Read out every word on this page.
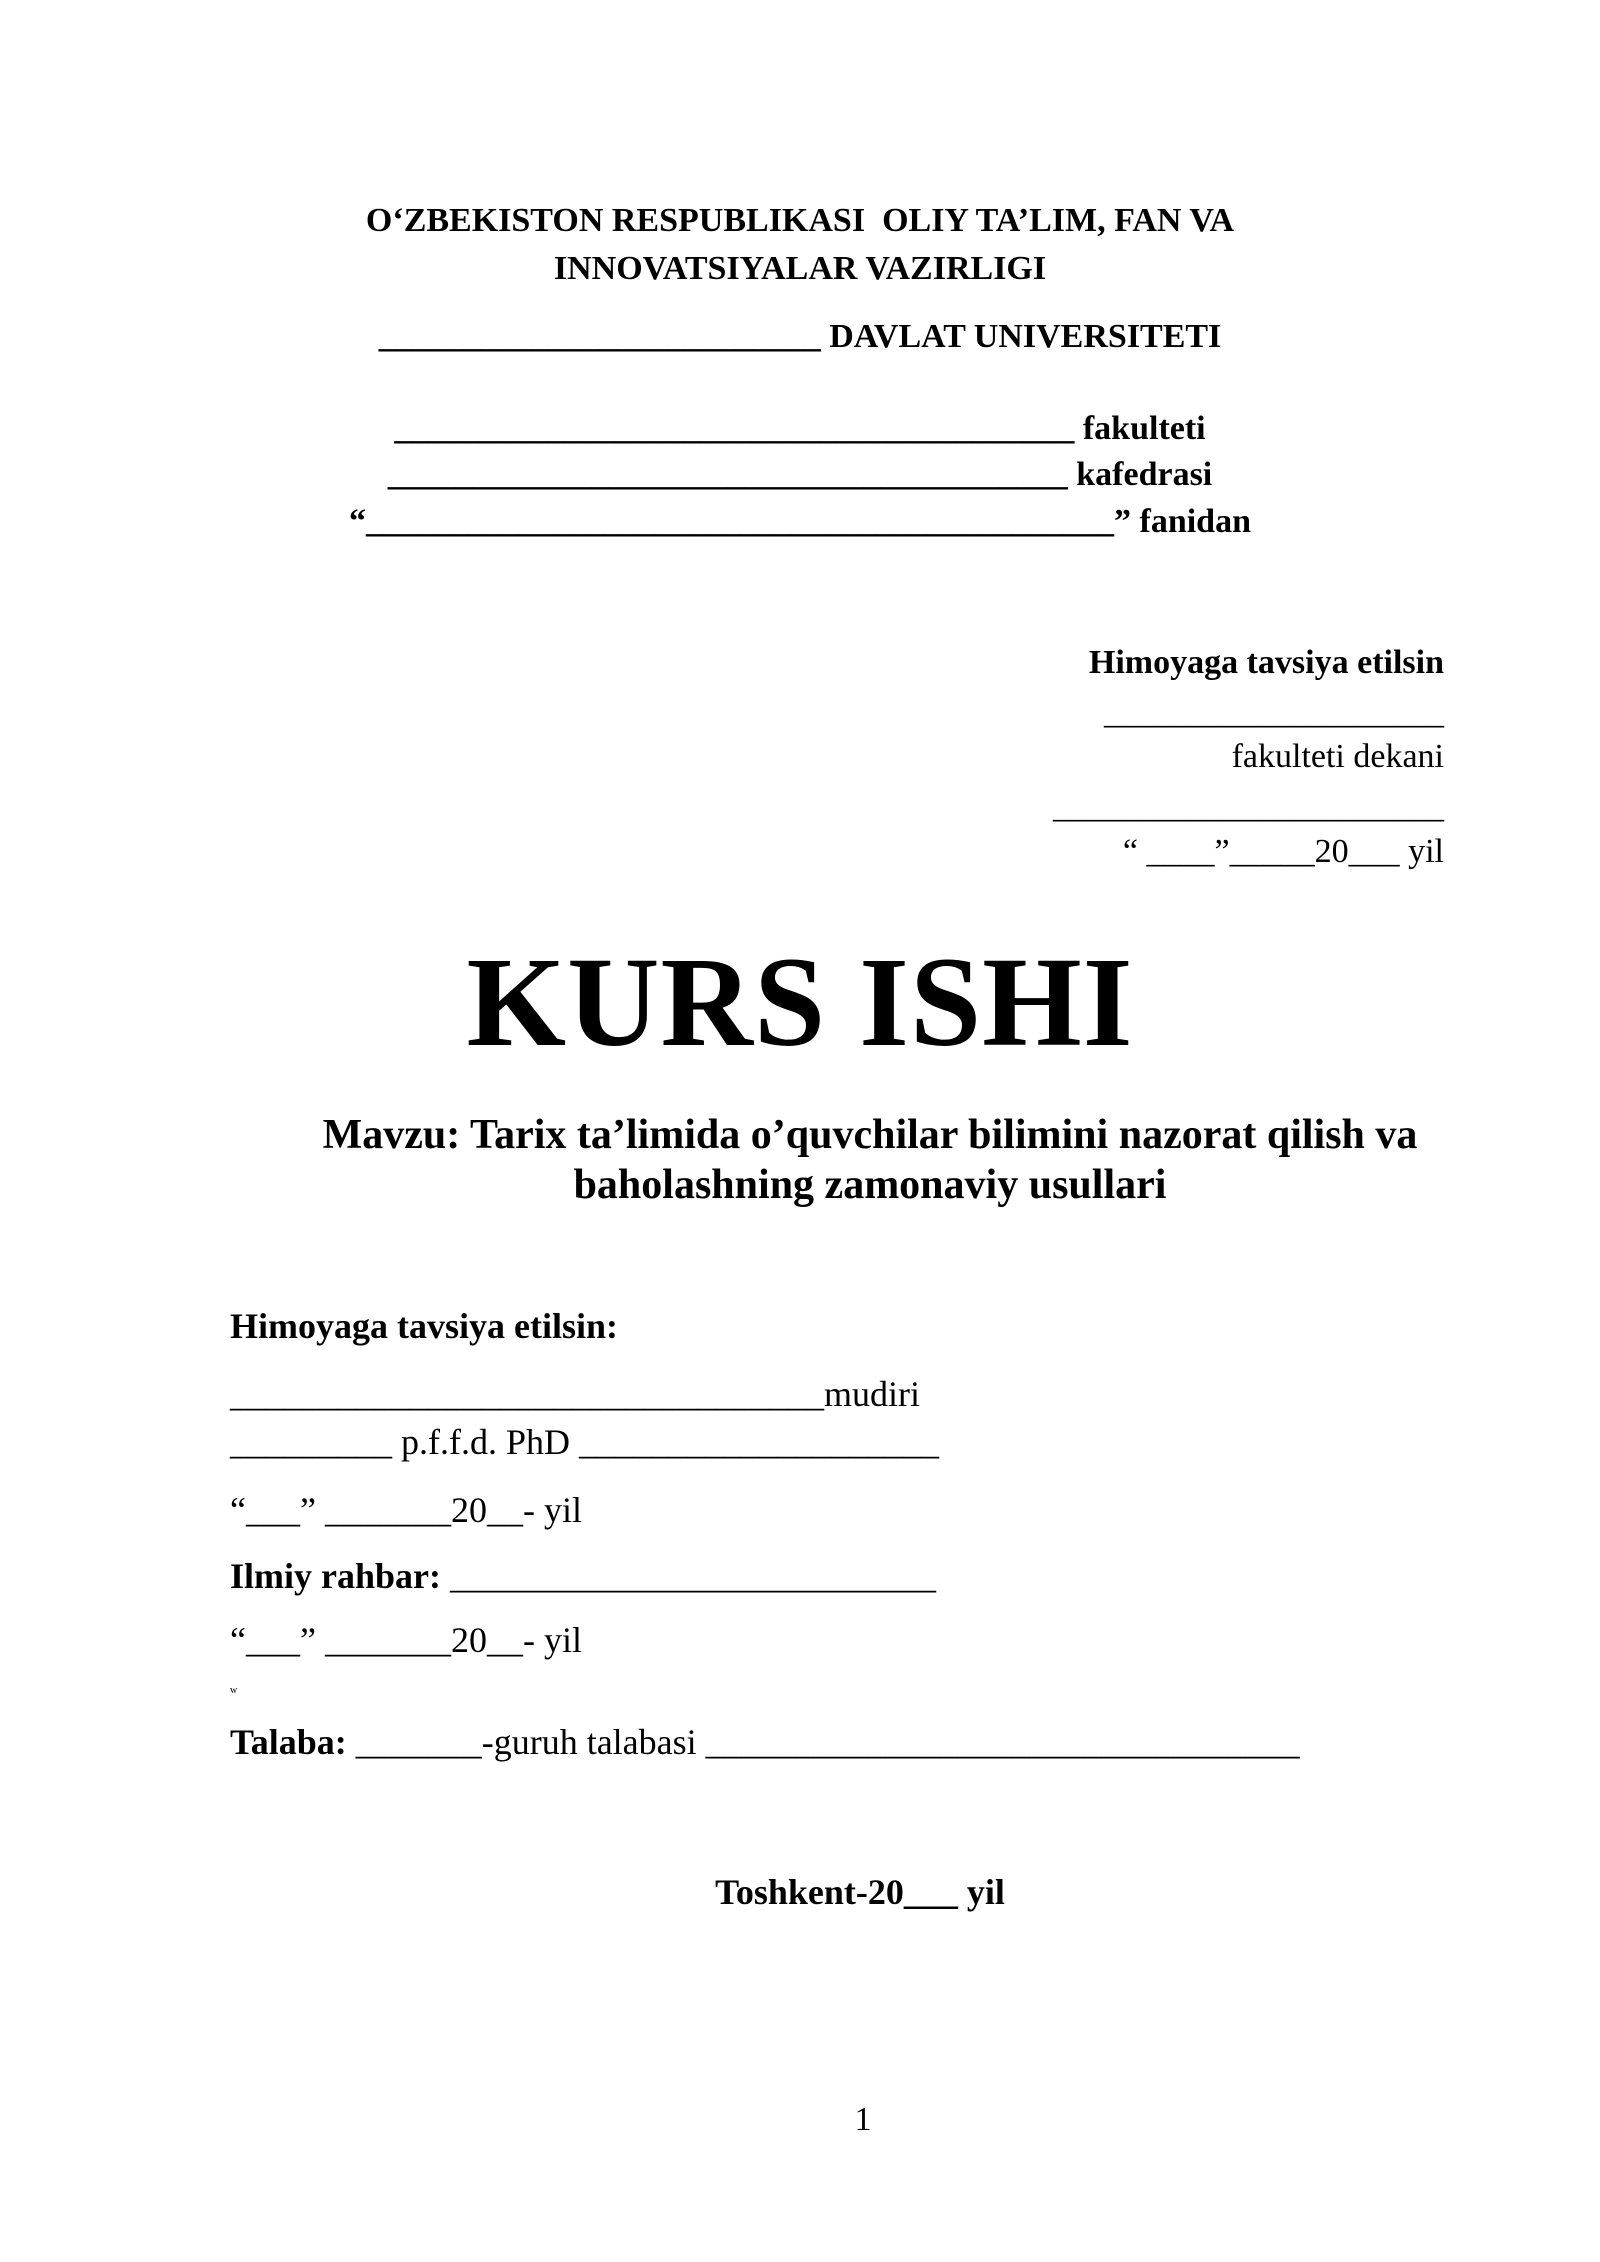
O‘ZBEKISTON RESPUBLIKASI  OLIY TA’LIM, FAN VA
INNOVATSIYALAR VAZIRLIGI
__________________________ DAVLAT UNIVERSITETI
________________________________________ fakulteti
________________________________________ kafedrasi
“____________________________________________” fanidan
Himoyaga tavsiya etilsin
____________________
fakulteti dekani
_______________________
“ ____”_____20___ yil
KURS ISHI
Mavzu: Tarix ta’limida o’quvchilar bilimini nazorat qilish va
baholashning zamonaviy usullari
Himoyaga tavsiya etilsin:
_________________________________mudiri
_________ p.f.f.d. PhD ____________________
“___” _______20__- yil
Ilmiy rahbar: ___________________________
“___” _______20__- yil
w
Talaba: _______-guruh talabasi _________________________________
Toshkent-20___ yil
1
